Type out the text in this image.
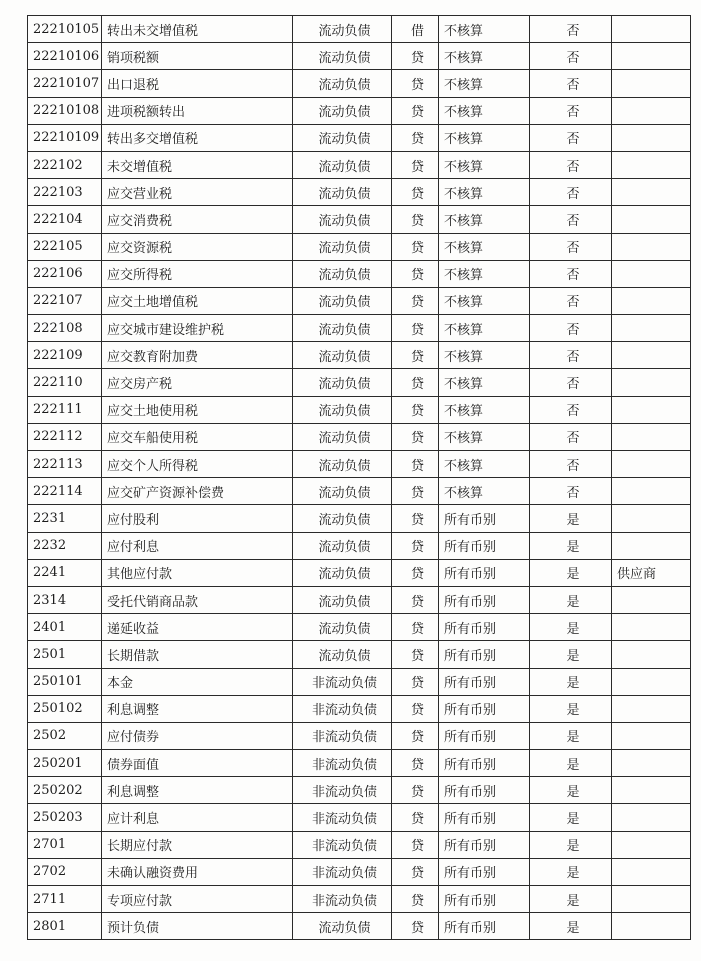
22210105	转出未交增值税	流动负债	借	不核算	否	
22210106	销项税额	流动负债	贷	不核算	否	
22210107	出口退税	流动负债	贷	不核算	否	
22210108	进项税额转出	流动负债	贷	不核算	否	
22210109	转出多交增值税	流动负债	贷	不核算	否	
222102	未交增值税	流动负债	贷	不核算	否	
222103	应交营业税	流动负债	贷	不核算	否	
222104	应交消费税	流动负债	贷	不核算	否	
222105	应交资源税	流动负债	贷	不核算	否	
222106	应交所得税	流动负债	贷	不核算	否	
222107	应交土地增值税	流动负债	贷	不核算	否	
222108	应交城市建设维护税	流动负债	贷	不核算	否	
222109	应交教育附加费	流动负债	贷	不核算	否	
222110	应交房产税	流动负债	贷	不核算	否	
222111	应交土地使用税	流动负债	贷	不核算	否	
222112	应交车船使用税	流动负债	贷	不核算	否	
222113	应交个人所得税	流动负债	贷	不核算	否	
222114	应交矿产资源补偿费	流动负债	贷	不核算	否	
2231	应付股利	流动负债	贷	所有币别	是	
2232	应付利息	流动负债	贷	所有币别	是	
2241	其他应付款	流动负债	贷	所有币别	是	供应商
2314	受托代销商品款	流动负债	贷	所有币别	是	
2401	递延收益	流动负债	贷	所有币别	是	
2501	长期借款	流动负债	贷	所有币别	是	
250101	本金	非流动负债	贷	所有币别	是	
250102	利息调整	非流动负债	贷	所有币别	是	
2502	应付债券	非流动负债	贷	所有币别	是	
250201	债券面值	非流动负债	贷	所有币别	是	
250202	利息调整	非流动负债	贷	所有币别	是	
250203	应计利息	非流动负债	贷	所有币别	是	
2701	长期应付款	非流动负债	贷	所有币别	是	
2702	未确认融资费用	非流动负债	贷	所有币别	是	
2711	专项应付款	非流动负债	贷	所有币别	是	
2801	预计负债	流动负债	贷	所有币别	是	
